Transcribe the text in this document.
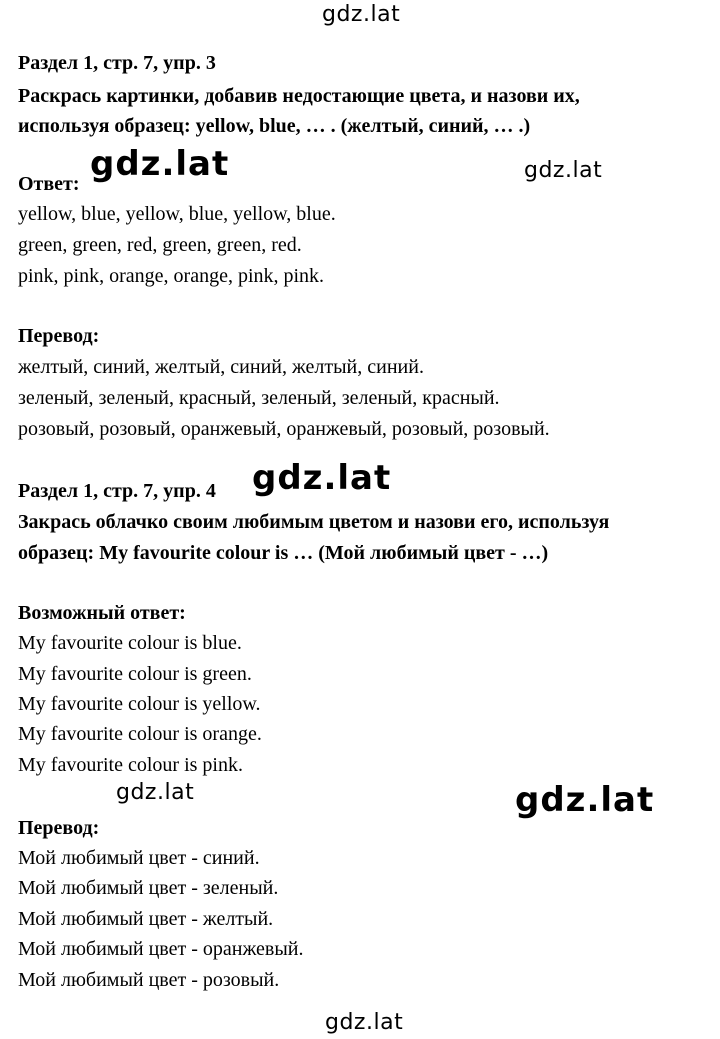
gdz.lat
gdz.lat	gdz.lat
gdz.lat
gdz.lat	gdz.lat
gdz.lat
Раздел 1, стр. 7, упр. 3
Раскрась картинки, добавив недостающие цвета, и назови их,
используя образец: yellow, blue, … . (желтый, синий, … .)
Ответ:
yellow, blue, yellow, blue, yellow, blue.
green, green, red, green, green, red.
pink, pink, orange, orange, pink, pink.
Перевод:
желтый, синий, желтый, синий, желтый, синий.
зеленый, зеленый, красный, зеленый, зеленый, красный.
розовый, розовый, оранжевый, оранжевый, розовый, розовый.
Раздел 1, стр. 7, упр. 4
Закрась облачко своим любимым цветом и назови его, используя
образец: My favourite colour is … (Мой любимый цвет - …)
Возможный ответ:
My favourite colour is blue.
My favourite colour is green.
My favourite colour is yellow.
My favourite colour is orange.
My favourite colour is pink.
Перевод:
Мой любимый цвет - синий.
Мой любимый цвет - зеленый.
Мой любимый цвет - желтый.
Мой любимый цвет - оранжевый.
Мой любимый цвет - розовый.
